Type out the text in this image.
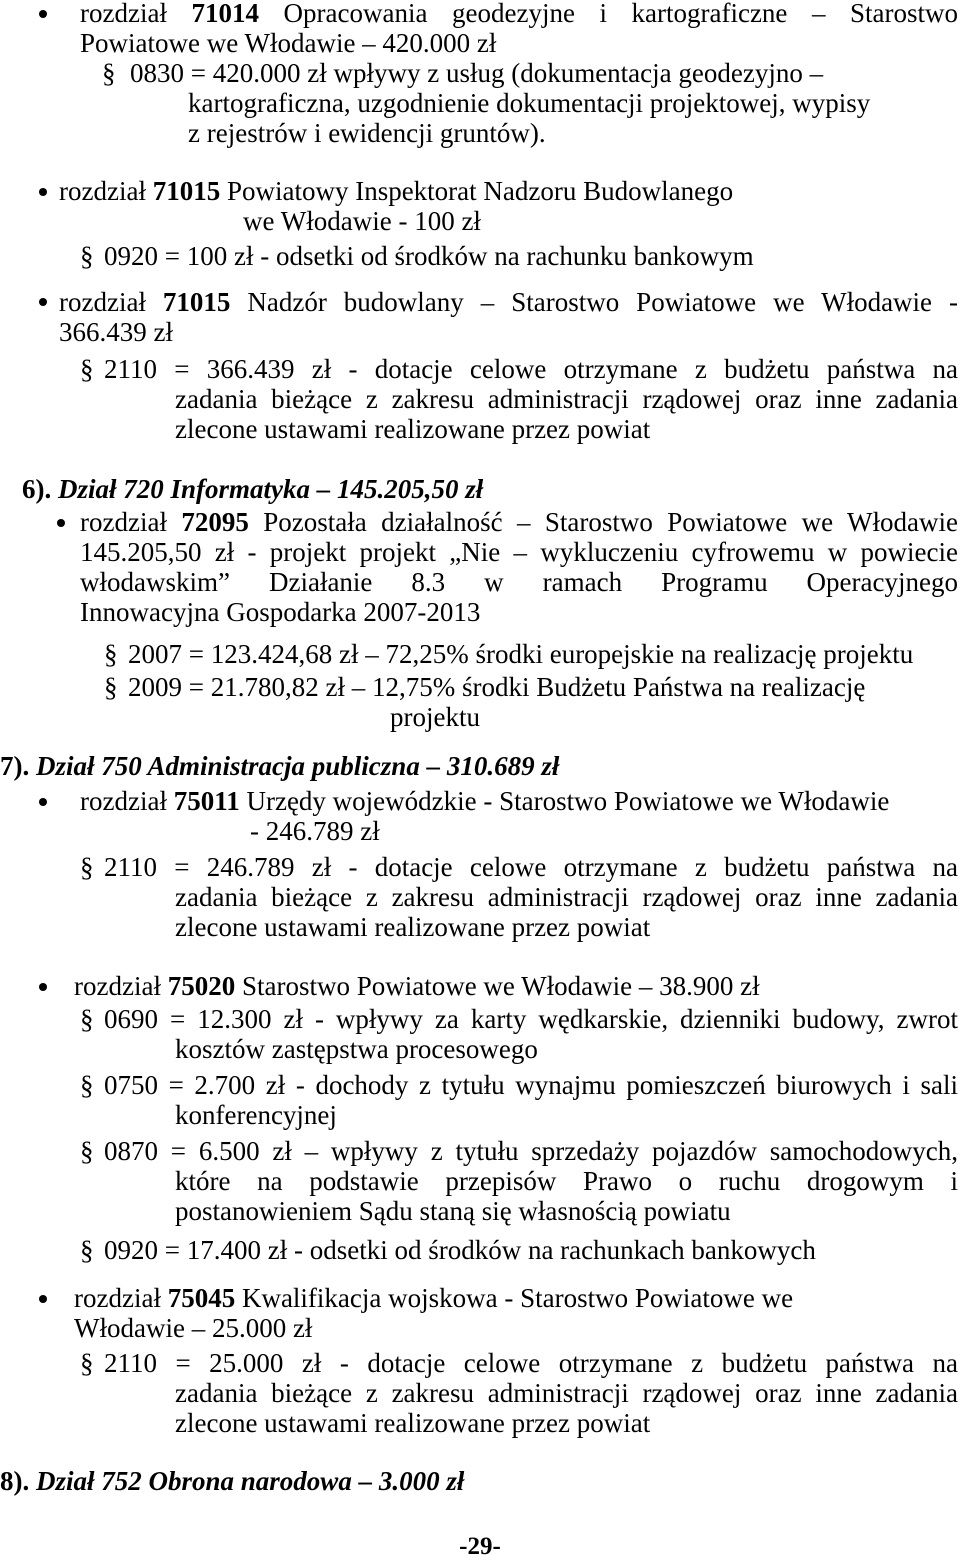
rozdział 71014 Opracowania geodezyjne i kartograficzne – Starostwo
Powiatowe we Włodawie – 420.000 zł
§ 0830 = 420.000 zł wpływy z usług (dokumentacja geodezyjno –
kartograficzna, uzgodnienie dokumentacji projektowej, wypisy
z rejestrów i ewidencji gruntów).
rozdział 71015 Powiatowy Inspektorat Nadzoru Budowlanego
we Włodawie - 100 zł
§ 0920 = 100 zł - odsetki od środków na rachunku bankowym
rozdział 71015 Nadzór budowlany – Starostwo Powiatowe we Włodawie -
366.439 zł
§ 2110 = 366.439 zł - dotacje celowe otrzymane z budżetu państwa na
zadania bieżące z zakresu administracji rządowej oraz inne zadania
zlecone ustawami realizowane przez powiat
6). Dział 720 Informatyka – 145.205,50 zł
rozdział 72095 Pozostała działalność – Starostwo Powiatowe we Włodawie
145.205,50 zł - projekt projekt „Nie – wykluczeniu cyfrowemu w powiecie
włodawskim” Działanie 8.3 w ramach Programu Operacyjnego
Innowacyjna Gospodarka 2007-2013
§ 2007 = 123.424,68 zł – 72,25% środki europejskie na realizację projektu
§ 2009 = 21.780,82 zł – 12,75% środki Budżetu Państwa na realizację
projektu
7). Dział 750 Administracja publiczna – 310.689 zł
rozdział 75011 Urzędy wojewódzkie - Starostwo Powiatowe we Włodawie
- 246.789 zł
§ 2110 = 246.789 zł - dotacje celowe otrzymane z budżetu państwa na
zadania bieżące z zakresu administracji rządowej oraz inne zadania
zlecone ustawami realizowane przez powiat
rozdział 75020 Starostwo Powiatowe we Włodawie – 38.900 zł
§ 0690 = 12.300 zł - wpływy za karty wędkarskie, dzienniki budowy, zwrot
kosztów zastępstwa procesowego
§ 0750 = 2.700 zł - dochody z tytułu wynajmu pomieszczeń biurowych i sali
konferencyjnej
§ 0870 = 6.500 zł – wpływy z tytułu sprzedaży pojazdów samochodowych,
które na podstawie przepisów Prawo o ruchu drogowym i
postanowieniem Sądu staną się własnością powiatu
§ 0920 = 17.400 zł - odsetki od środków na rachunkach bankowych
rozdział 75045 Kwalifikacja wojskowa - Starostwo Powiatowe we
Włodawie – 25.000 zł
§ 2110 = 25.000 zł - dotacje celowe otrzymane z budżetu państwa na
zadania bieżące z zakresu administracji rządowej oraz inne zadania
zlecone ustawami realizowane przez powiat
8). Dział 752 Obrona narodowa – 3.000 zł
-29-
